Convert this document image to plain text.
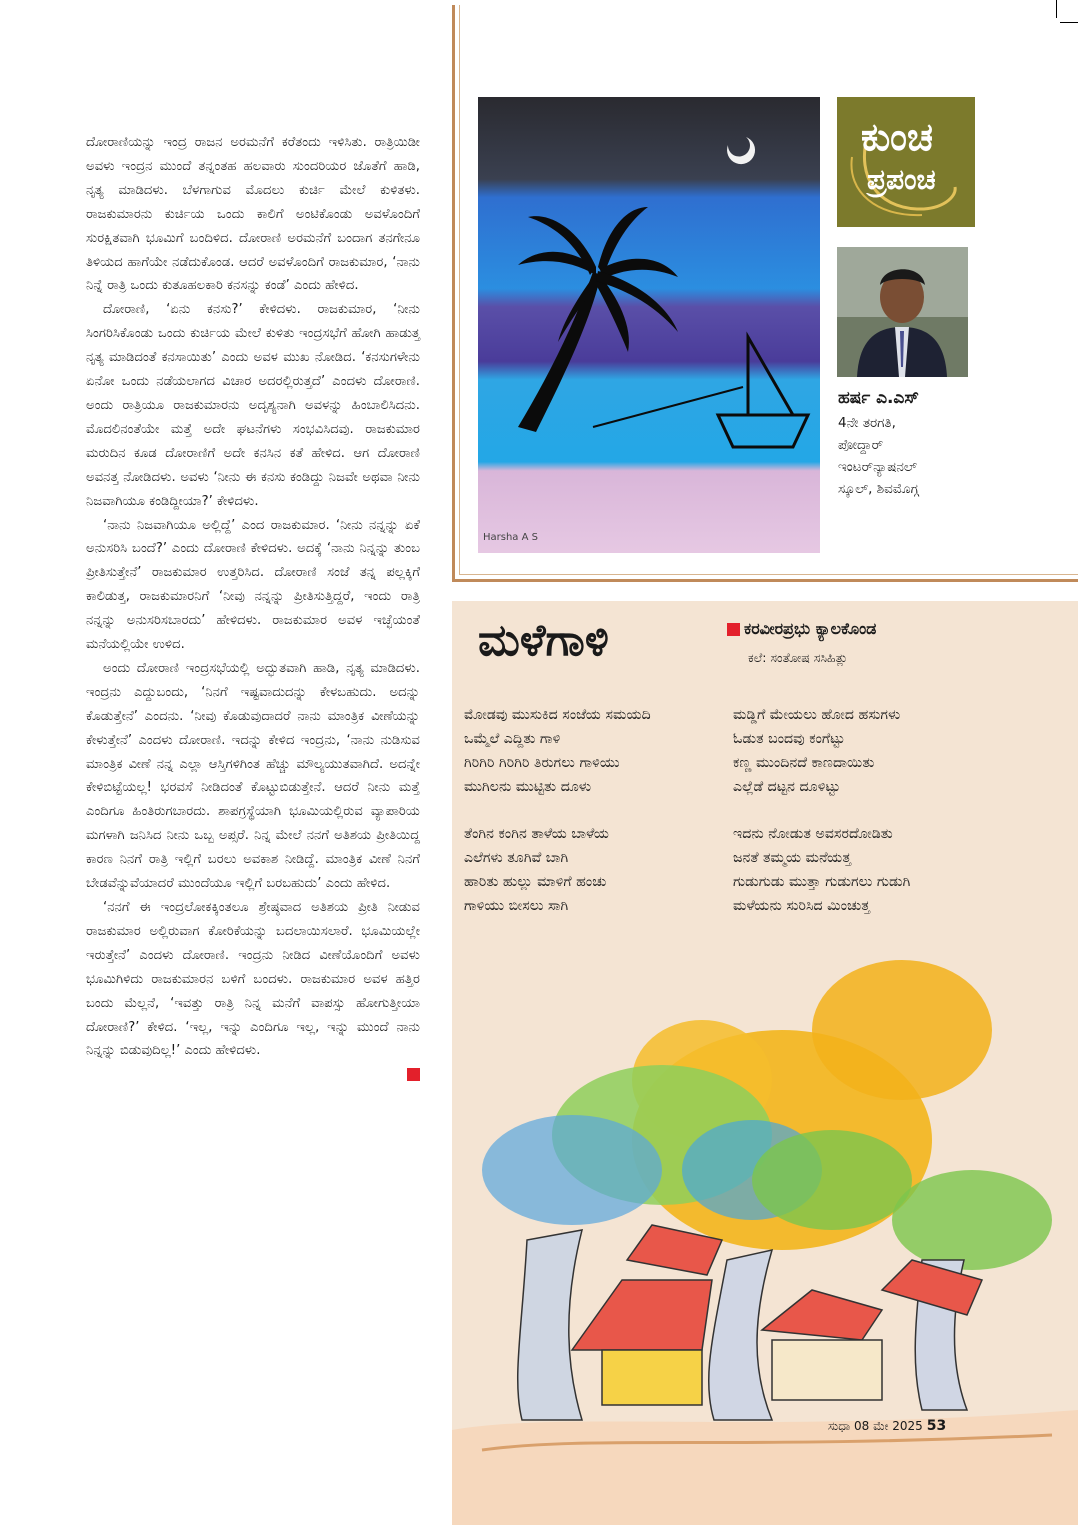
ದೋರಾಣಿಯನ್ನು ಇಂದ್ರ ರಾಜನ ಅರಮನೆಗೆ ಕರೆತಂದು ಇಳಿಸಿತು. ರಾತ್ರಿಯಿಡೀ ಅವಳು ಇಂದ್ರನ ಮುಂದೆ ತನ್ನಂತಹ ಹಲವಾರು ಸುಂದರಿಯರ ಜೊತೆಗೆ ಹಾಡಿ, ನೃತ್ಯ ಮಾಡಿದಳು. ಬೆಳಗಾಗುವ ಮೊದಲು ಕುರ್ಚಿ ಮೇಲೆ ಕುಳಿತಳು. ರಾಜಕುಮಾರನು ಕುರ್ಚಿಯ ಒಂದು ಕಾಲಿಗೆ ಅಂಟಿಕೊಂಡು ಅವಳೊಂದಿಗೆ ಸುರಕ್ಷಿತವಾಗಿ ಭೂಮಿಗೆ ಬಂದಿಳಿದ. ದೋರಾಣಿ ಅರಮನೆಗೆ ಬಂದಾಗ ತನಗೇನೂ ತಿಳಿಯದ ಹಾಗೆಯೇ ನಡೆದುಕೊಂಡ. ಆದರೆ ಅವಳೊಂದಿಗೆ ರಾಜಕುಮಾರ, ‘ನಾನು ನಿನ್ನೆ ರಾತ್ರಿ ಒಂದು ಕುತೂಹಲಕಾರಿ ಕನಸನ್ನು ಕಂಡೆ’ ಎಂದು ಹೇಳಿದ.

ದೋರಾಣಿ, ‘ಏನು ಕನಸು?’ ಕೇಳಿದಳು. ರಾಜಕುಮಾರ, ‘ನೀನು ಸಿಂಗರಿಸಿಕೊಂಡು ಒಂದು ಕುರ್ಚಿಯ ಮೇಲೆ ಕುಳಿತು ಇಂದ್ರಸಭೆಗೆ ಹೋಗಿ ಹಾಡುತ್ತ ನೃತ್ಯ ಮಾಡಿದಂತೆ ಕನಸಾಯಿತು’ ಎಂದು ಅವಳ ಮುಖ ನೋಡಿದ. ‘ಕನಸುಗಳೇನು ಏನೋ ಒಂದು ನಡೆಯಲಾಗದ ವಿಚಾರ ಅದರಲ್ಲಿರುತ್ತದೆ’ ಎಂದಳು ದೋರಾಣಿ. ಅಂದು ರಾತ್ರಿಯೂ ರಾಜಕುಮಾರನು ಅದೃಶ್ಯನಾಗಿ ಅವಳನ್ನು ಹಿಂಬಾಲಿಸಿದನು. ಮೊದಲಿನಂತೆಯೇ ಮತ್ತೆ ಅದೇ ಘಟನೆಗಳು ಸಂಭವಿಸಿದವು. ರಾಜಕುಮಾರ ಮರುದಿನ ಕೂಡ ದೋರಾಣಿಗೆ ಅದೇ ಕನಸಿನ ಕತೆ ಹೇಳಿದ. ಆಗ ದೋರಾಣಿ ಅವನತ್ತ ನೋಡಿದಳು. ಅವಳು ‘ನೀನು ಈ ಕನಸು ಕಂಡಿದ್ದು ನಿಜವೇ ಅಥವಾ ನೀನು ನಿಜವಾಗಿಯೂ ಕಂಡಿದ್ದೀಯಾ?’ ಕೇಳಿದಳು.

‘ನಾನು ನಿಜವಾಗಿಯೂ ಅಲ್ಲಿದ್ದೆ’ ಎಂದ ರಾಜಕುಮಾರ. ‘ನೀನು ನನ್ನನ್ನು ಏಕೆ ಅನುಸರಿಸಿ ಬಂದೆ?’ ಎಂದು ದೋರಾಣಿ ಕೇಳಿದಳು. ಅದಕ್ಕೆ ‘ನಾನು ನಿನ್ನನ್ನು ತುಂಬ ಪ್ರೀತಿಸುತ್ತೇನೆ’ ರಾಜಕುಮಾರ ಉತ್ತರಿಸಿದ. ದೋರಾಣಿ ಸಂಜೆ ತನ್ನ ಪಲ್ಲಕ್ಕಿಗೆ ಕಾಲಿಡುತ್ತ, ರಾಜಕುಮಾರನಿಗೆ ‘ನೀವು ನನ್ನನ್ನು ಪ್ರೀತಿಸುತ್ತಿದ್ದರೆ, ಇಂದು ರಾತ್ರಿ ನನ್ನನ್ನು ಅನುಸರಿಸಬಾರದು’ ಹೇಳಿದಳು. ರಾಜಕುಮಾರ ಅವಳ ಇಚ್ಛೆಯಂತೆ ಮನೆಯಲ್ಲಿಯೇ ಉಳಿದ.

ಅಂದು ದೋರಾಣಿ ಇಂದ್ರಸಭೆಯಲ್ಲಿ ಅದ್ಭುತವಾಗಿ ಹಾಡಿ, ನೃತ್ಯ ಮಾಡಿದಳು. ಇಂದ್ರನು ಎದ್ದುಬಂದು, ‘ನಿನಗೆ ಇಷ್ಟವಾದುದನ್ನು ಕೇಳಬಹುದು. ಅದನ್ನು ಕೊಡುತ್ತೇನೆ’ ಎಂದನು. ‘ನೀವು ಕೊಡುವುದಾದರೆ ನಾನು ಮಾಂತ್ರಿಕ ವೀಣೆಯನ್ನು ಕೇಳುತ್ತೇನೆ’ ಎಂದಳು ದೋರಾಣಿ. ಇದನ್ನು ಕೇಳಿದ ಇಂದ್ರನು, ‘ನಾನು ನುಡಿಸುವ ಮಾಂತ್ರಿಕ ವೀಣೆ ನನ್ನ ಎಲ್ಲಾ ಆಸ್ತಿಗಳಿಗಿಂತ ಹೆಚ್ಚು ಮೌಲ್ಯಯುತವಾಗಿದೆ. ಅದನ್ನೇ ಕೇಳಿಬಿಟ್ಟೆಯಲ್ಲ! ಭರವಸೆ ನೀಡಿದಂತೆ ಕೊಟ್ಟುಬಿಡುತ್ತೇನೆ. ಆದರೆ ನೀನು ಮತ್ತೆ ಎಂದಿಗೂ ಹಿಂತಿರುಗಬಾರದು. ಶಾಪಗ್ರಸ್ಥೆಯಾಗಿ ಭೂಮಿಯಲ್ಲಿರುವ ವ್ಯಾಪಾರಿಯ ಮಗಳಾಗಿ ಜನಿಸಿದ ನೀನು ಒಬ್ಬ ಅಪ್ಸರೆ. ನಿನ್ನ ಮೇಲೆ ನನಗೆ ಅತಿಶಯ ಪ್ರೀತಿಯಿದ್ದ ಕಾರಣ ನಿನಗೆ ರಾತ್ರಿ ಇಲ್ಲಿಗೆ ಬರಲು ಅವಕಾಶ ನೀಡಿದ್ದೆ. ಮಾಂತ್ರಿಕ ವೀಣೆ ನಿನಗೆ ಬೇಡವೆನ್ನುವೆಯಾದರೆ ಮುಂದೆಯೂ ಇಲ್ಲಿಗೆ ಬರಬಹುದು’ ಎಂದು ಹೇಳಿದ.

‘ನನಗೆ ಈ ಇಂದ್ರಲೋಕಕ್ಕಿಂತಲೂ ಶ್ರೇಷ್ಠವಾದ ಅತಿಶಯ ಪ್ರೀತಿ ನೀಡುವ ರಾಜಕುಮಾರ ಅಲ್ಲಿರುವಾಗ ಕೋರಿಕೆಯನ್ನು ಬದಲಾಯಿಸಲಾರೆ. ಭೂಮಿಯಲ್ಲೇ ಇರುತ್ತೇನೆ’ ಎಂದಳು ದೋರಾಣಿ. ಇಂದ್ರನು ನೀಡಿದ ವೀಣೆಯೊಂದಿಗೆ ಅವಳು ಭೂಮಿಗಿಳಿದು ರಾಜಕುಮಾರನ ಬಳಿಗೆ ಬಂದಳು. ರಾಜಕುಮಾರ ಅವಳ ಹತ್ತಿರ ಬಂದು ಮೆಲ್ಲನೆ, ‘ಇವತ್ತು ರಾತ್ರಿ ನಿನ್ನ ಮನೆಗೆ ವಾಪಸ್ಸು ಹೋಗುತ್ತೀಯಾ ದೋರಾಣಿ?’ ಕೇಳಿದ. ‘ಇಲ್ಲ, ಇನ್ನು ಎಂದಿಗೂ ಇಲ್ಲ, ಇನ್ನು ಮುಂದೆ ನಾನು ನಿನ್ನನ್ನು ಬಿಡುವುದಿಲ್ಲ!’ ಎಂದು ಹೇಳಿದಳು.

Harsha A S
ಕುಂಚ
ಪ್ರಪಂಚ
ಹರ್ಷ ಎ.ಎಸ್
4ನೇ ತರಗತಿ,
ಪೋದ್ದಾರ್
ಇಂಟರ್‌ನ್ಯಾಷನಲ್
ಸ್ಕೂಲ್, ಶಿವಮೊಗ್ಗ
ಮಳೆಗಾಳಿ	ಕರವೀರಪ್ರಭು ಕ್ಯಾಲಕೊಂಡ
ಕಲೆ: ಸಂತೋಷ ಸಸಿಹಿತ್ಲು
ಮೋಡವು ಮುಸುಕಿದ ಸಂಜೆಯ ಸಮಯದಿ
ಒಮ್ಮೆಲೆ ಎದ್ದಿತು ಗಾಳಿ
ಗಿರಿಗಿರಿ ಗಿರಿಗಿರಿ ತಿರುಗಲು ಗಾಳಿಯು
ಮುಗಿಲನು ಮುಟ್ಟಿತು ದೂಳು
ತೆಂಗಿನ ಕಂಗಿನ ತಾಳೆಯ ಬಾಳೆಯ
ಎಲೆಗಳು ತೂಗಿವೆ ಬಾಗಿ
ಹಾರಿತು ಹುಲ್ಲು ಮಾಳಿಗೆ ಹಂಚು
ಗಾಳಿಯು ಬೀಸಲು ಸಾಗಿ
ಮಡ್ಡಿಗೆ ಮೇಯಲು ಹೋದ ಹಸುಗಳು
ಓಡುತ ಬಂದವು ಕಂಗೆಟ್ಟು
ಕಣ್ಣ ಮುಂದಿನದೆ ಕಾಣದಾಯಿತು
ಎಲ್ಲೆಡೆ ದಟ್ಟನ ದೂಳಿಟ್ಟು
ಇದನು ನೋಡುತ ಅವಸರದೋಡಿತು
ಜನತೆ ತಮ್ಮಯ ಮನೆಯತ್ತ
ಗುಡುಗುಡು ಮುತ್ತಾ ಗುಡುಗಲು ಗುಡುಗಿ
ಮಳೆಯನು ಸುರಿಸಿದ ಮಿಂಚುತ್ತ
ಸುಧಾ 08 ಮೇ 2025 53
